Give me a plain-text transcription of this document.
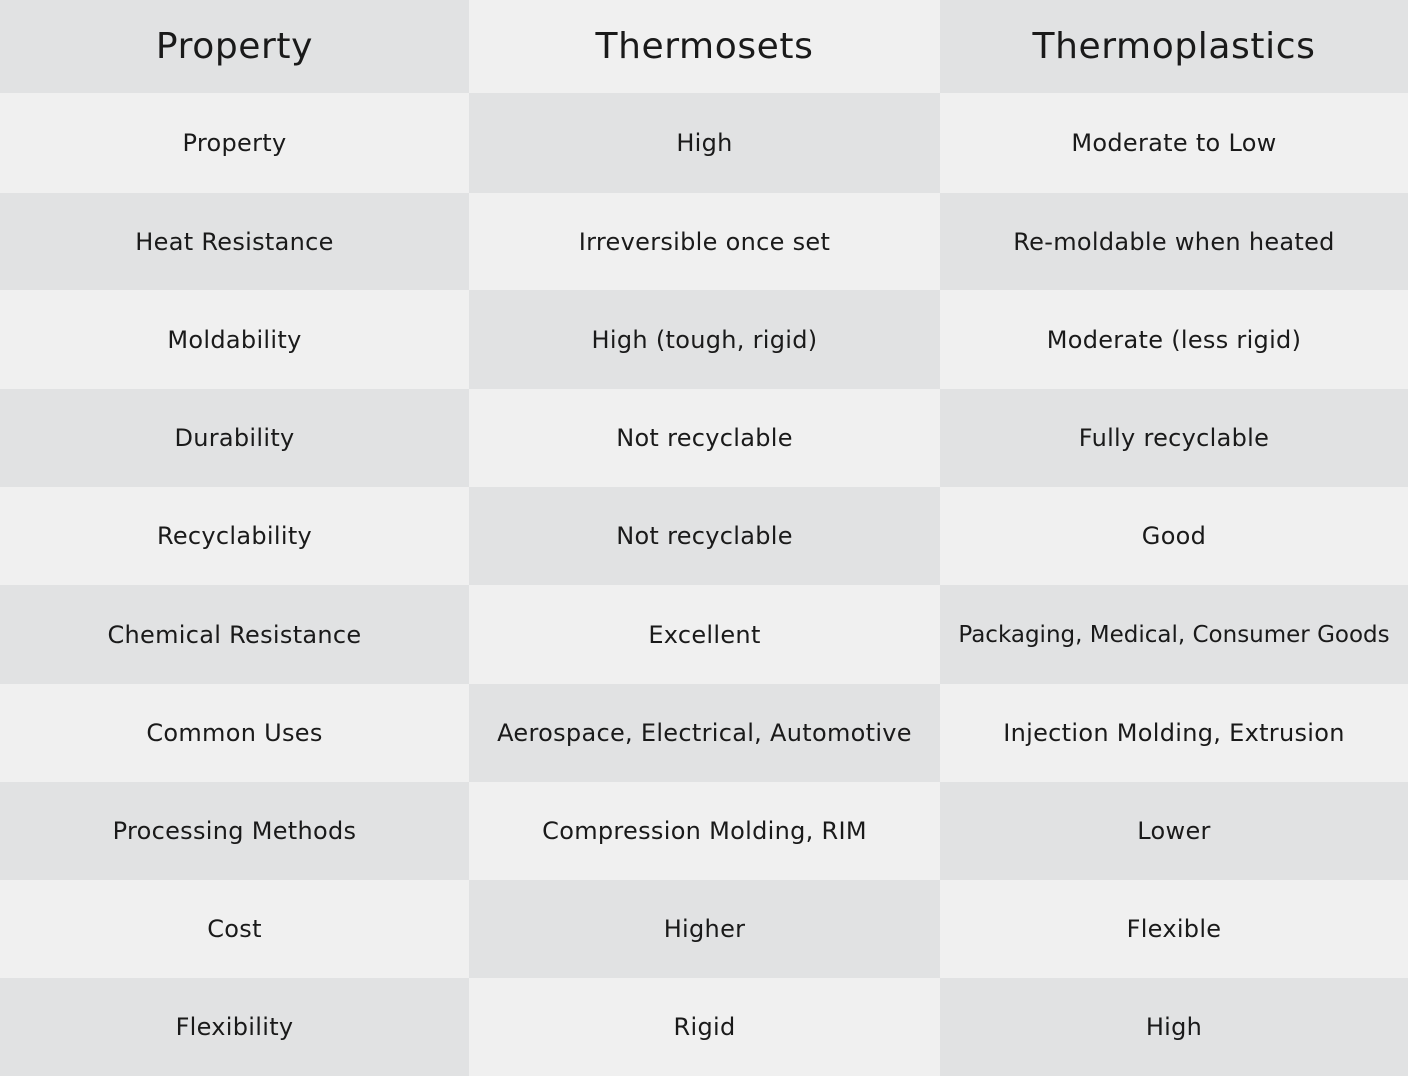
Property	Thermosets	Thermoplastics
Property	High	Moderate to Low
Heat Resistance	Irreversible once set	Re-moldable when heated
Moldability	High (tough, rigid)	Moderate (less rigid)
Durability	Not recyclable	Fully recyclable
Recyclability	Not recyclable	Good
Chemical Resistance	Excellent	Packaging, Medical, Consumer Goods
Common Uses	Aerospace, Electrical, Automotive	Injection Molding, Extrusion
Processing Methods	Compression Molding, RIM	Lower
Cost	Higher	Flexible
Flexibility	Rigid	High
